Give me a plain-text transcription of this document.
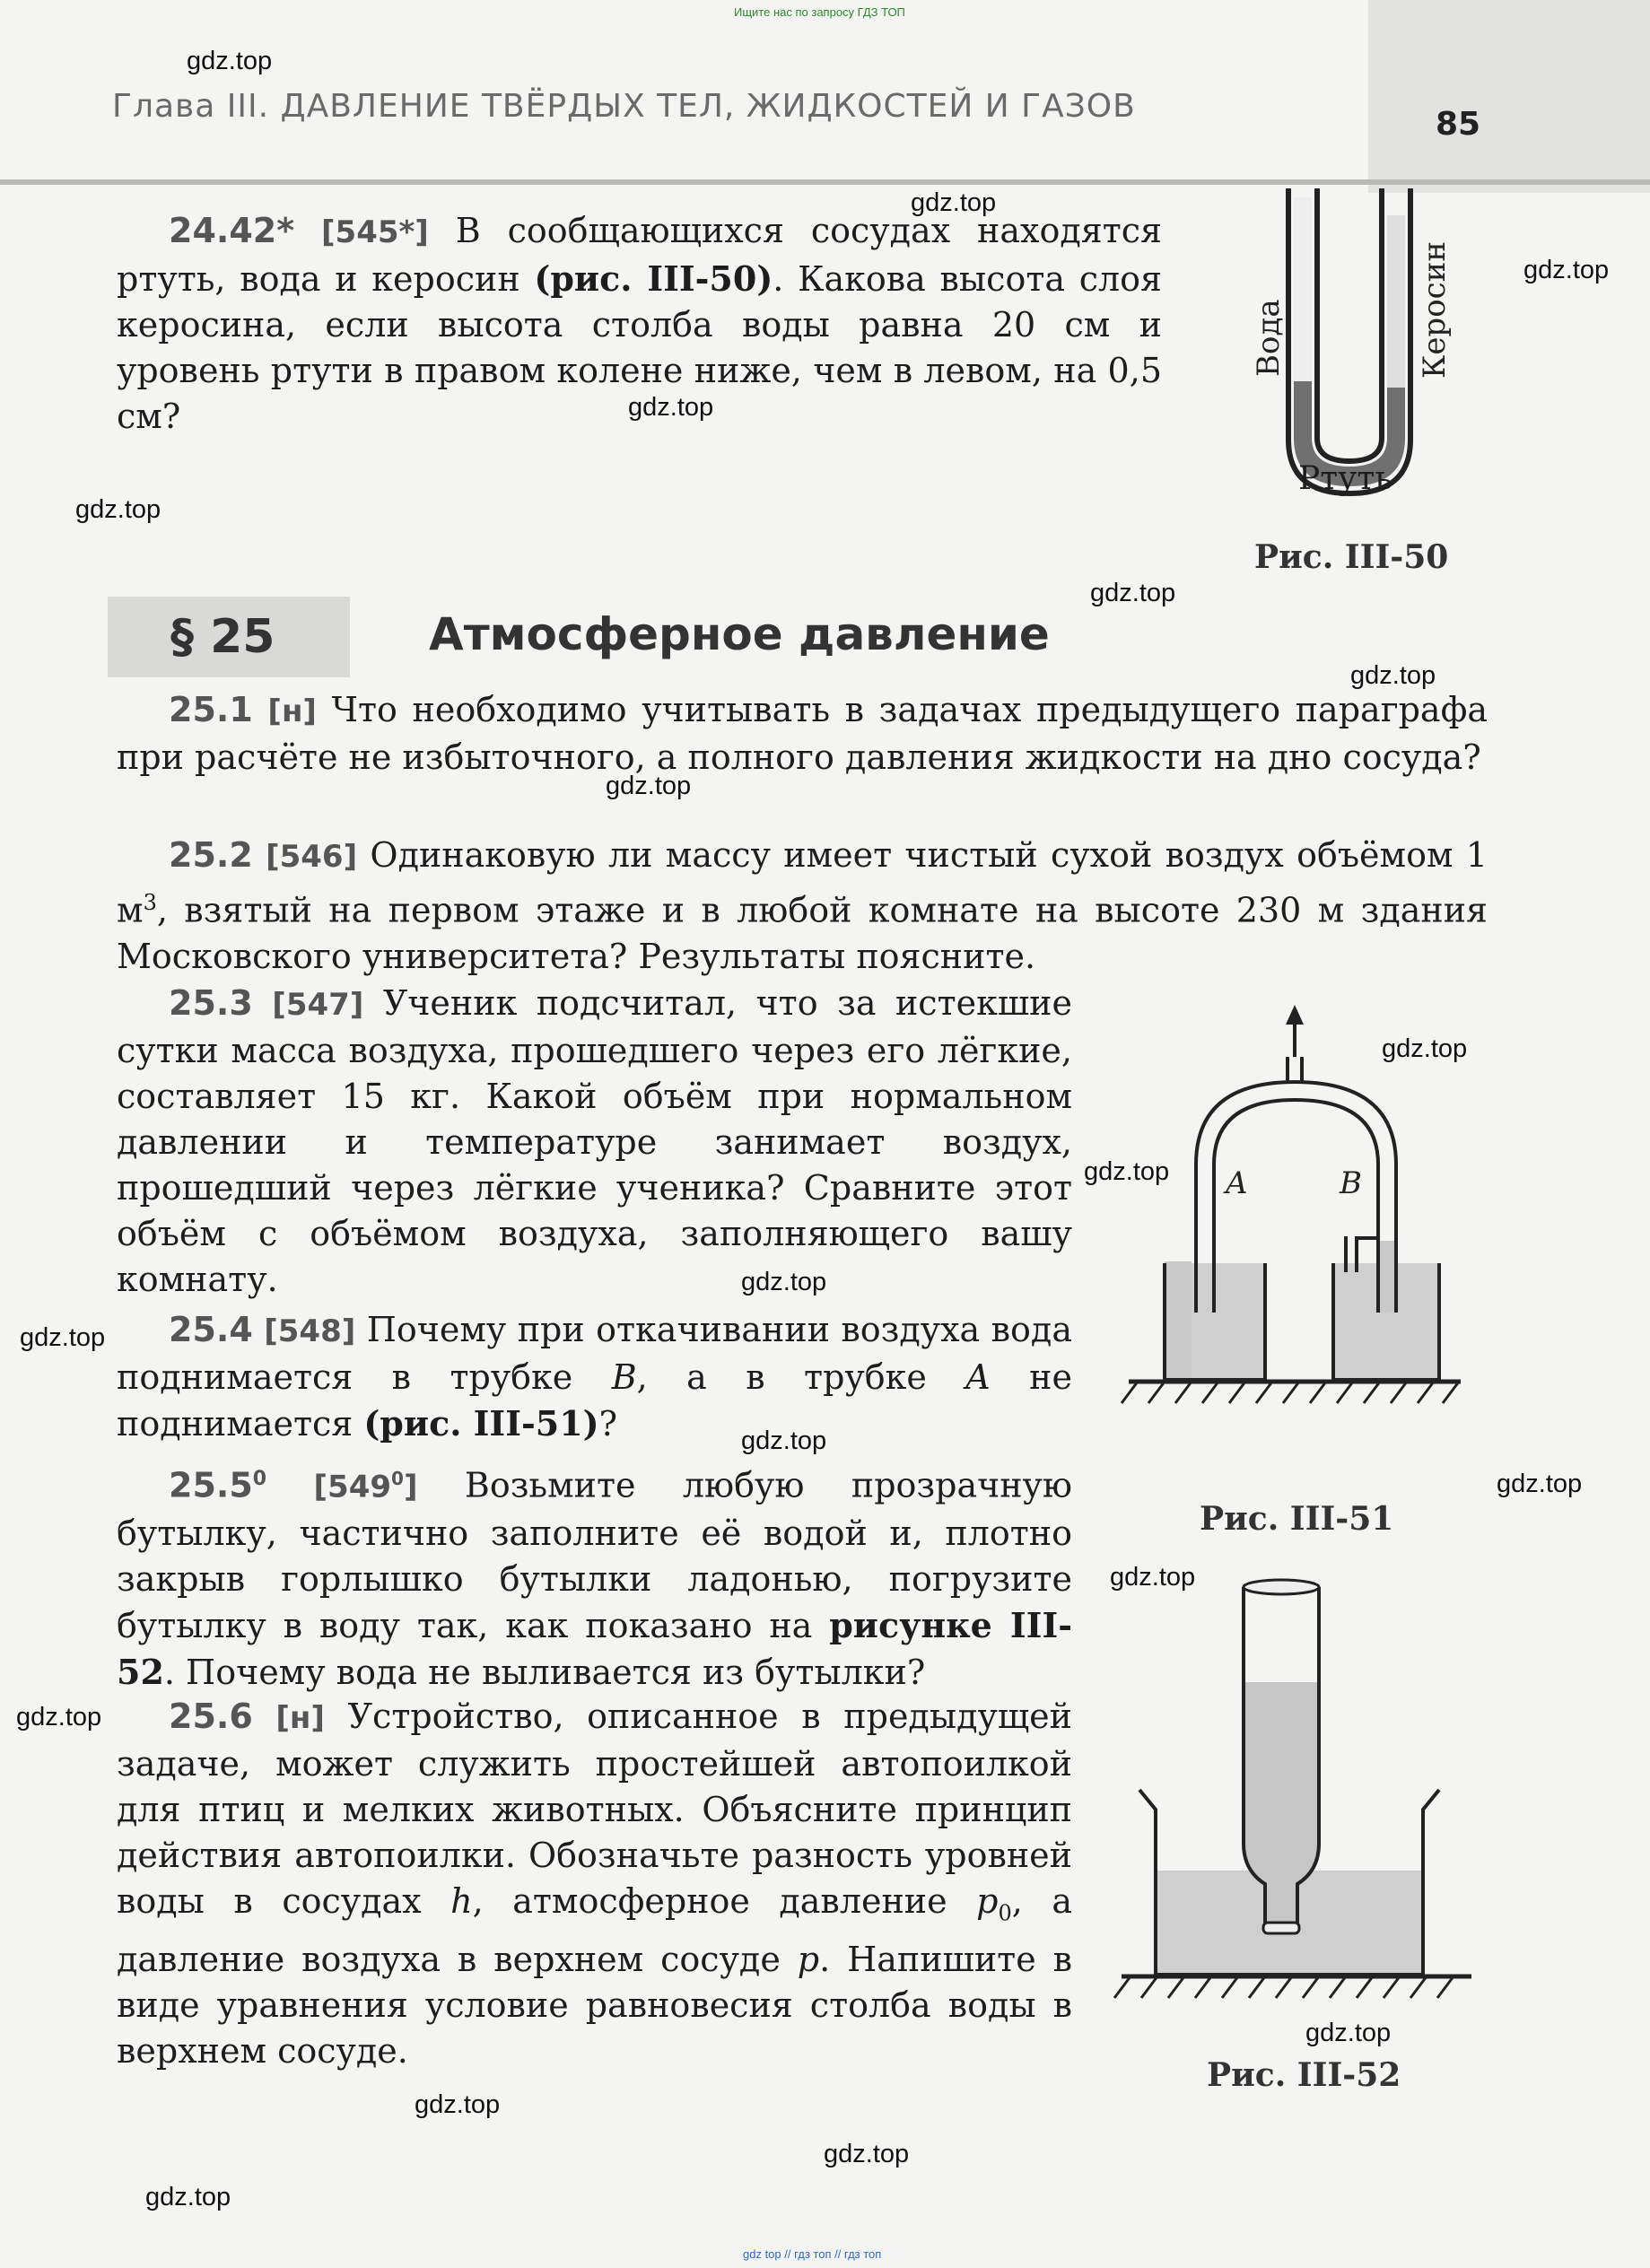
Ищите нас по запросу ГДЗ ТОП
Глава III. ДАВЛЕНИЕ ТВЁРДЫХ ТЕЛ, ЖИДКОСТЕЙ И ГАЗОВ	85
gdz.top
gdz.top
gdz.top
gdz.top
gdz.top
gdz.top
gdz.top
gdz.top
gdz.top
gdz.top
gdz.top
gdz.top
gdz.top
gdz.top
gdz.top
gdz.top
gdz.top
gdz.top
gdz.top
gdz.top

24.42* [545*] В сообщающихся сосудах находятся ртуть, вода и керосин (рис. III-50). Какова высота слоя керосина, если высота столба воды равна 20 см и уровень ртути в правом колене ниже, чем в левом, на 0,5 см?

§ 25	Атмосферное давление

25.1 [н] Что необходимо учитывать в задачах предыдущего параграфа при расчёте не избыточного, а полного давления жидкости на дно сосуда?

25.2 [546] Одинаковую ли массу имеет чистый сухой воздух объёмом 1 $м^3$, взятый на первом этаже и в любой комнате на высоте 230 м здания Московского университета? Результаты поясните.

25.3 [547] Ученик подсчитал, что за истекшие сутки масса воздуха, прошедшего через его лёгкие, составляет 15 кг. Какой объём при нормальном давлении и температуре занимает воздух, прошедший через лёгкие ученика? Сравните этот объём с объёмом воздуха, заполняющего вашу комнату.

25.4 [548] Почему при откачивании воздуха вода поднимается в трубке B, а в трубке A не поднимается (рис. III-51)?

25.5$^0$ $[549^0]$ Возьмите любую прозрачную бутылку, частично заполните её водой и, плотно закрыв горлышко бутылки ладонью, погрузите бутылку в воду так, как показано на рисунке III-52. Почему вода не выливается из бутылки?

25.6 [н] Устройство, описанное в предыдущей задаче, может служить простейшей автопоилкой для птиц и мелких животных. Объясните принцип действия автопоилки. Обозначьте разность уровней воды в сосудах h, атмосферное давление $p_0$, а давление воздуха в верхнем сосуде p. Напишите в виде уравнения условие равновесия столба воды в верхнем сосуде.

Вода	Керосин
Ртуть
Рис. III-50
A	B
Рис. III-51
Рис. III-52
gdz top // гдз топ // гдз топ
